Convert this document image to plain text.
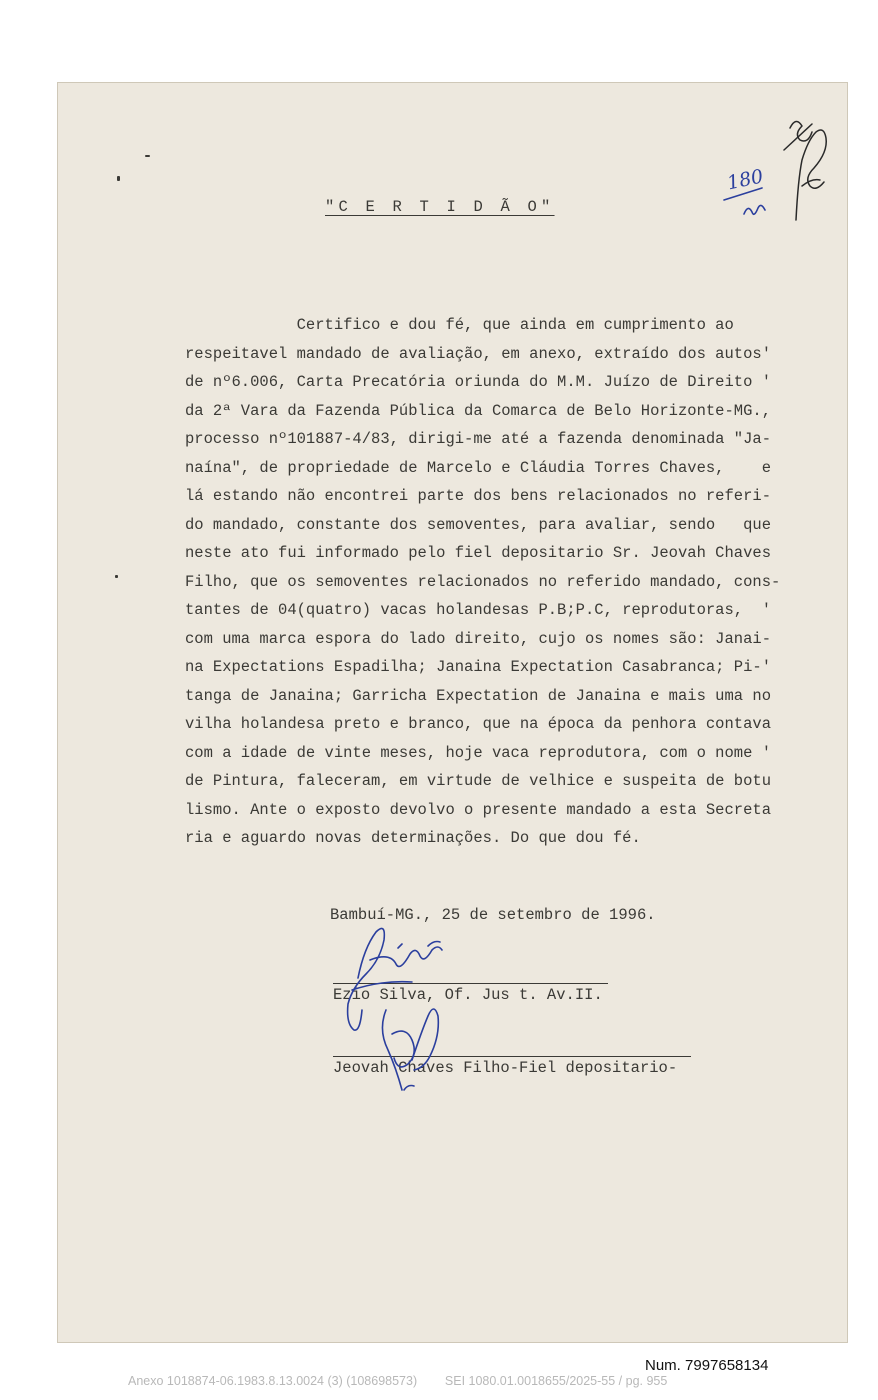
"C E R T I D Ã O"
Certifico e dou fé, que ainda em cumprimento ao
respeitavel mandado de avaliação, em anexo, extraído dos autos'
de nº6.006, Carta Precatória oriunda do M.M. Juízo de Direito '
da 2ª Vara da Fazenda Pública da Comarca de Belo Horizonte-MG.,
processo nº101887-4/83, dirigi-me até a fazenda denominada "Ja-
naína", de propriedade de Marcelo e Cláudia Torres Chaves,    e
lá estando não encontrei parte dos bens relacionados no referi-
do mandado, constante dos semoventes, para avaliar, sendo   que
neste ato fui informado pelo fiel depositario Sr. Jeovah Chaves
Filho, que os semoventes relacionados no referido mandado, cons-
tantes de 04(quatro) vacas holandesas P.B;P.C, reprodutoras,  '
com uma marca espora do lado direito, cujo os nomes são: Janai-
na Expectations Espadilha; Janaina Expectation Casabranca; Pi-'
tanga de Janaina; Garricha Expectation de Janaina e mais uma no
vilha holandesa preto e branco, que na época da penhora contava
com a idade de vinte meses, hoje vaca reprodutora, com o nome '
de Pintura, faleceram, em virtude de velhice e suspeita de botu
lismo. Ante o exposto devolvo o presente mandado a esta Secreta
ria e aguardo novas determinações. Do que dou fé.
Bambuí-MG., 25 de setembro de 1996.
Ezio Silva, Of. Jus t. Av.II.
Jeovah Chaves Filho-Fiel depositario-
180
Num. 7997658134
Anexo 1018874-06.1983.8.13.0024 (3) (108698573)        SEI 1080.01.0018655/2025-55 / pg. 955
